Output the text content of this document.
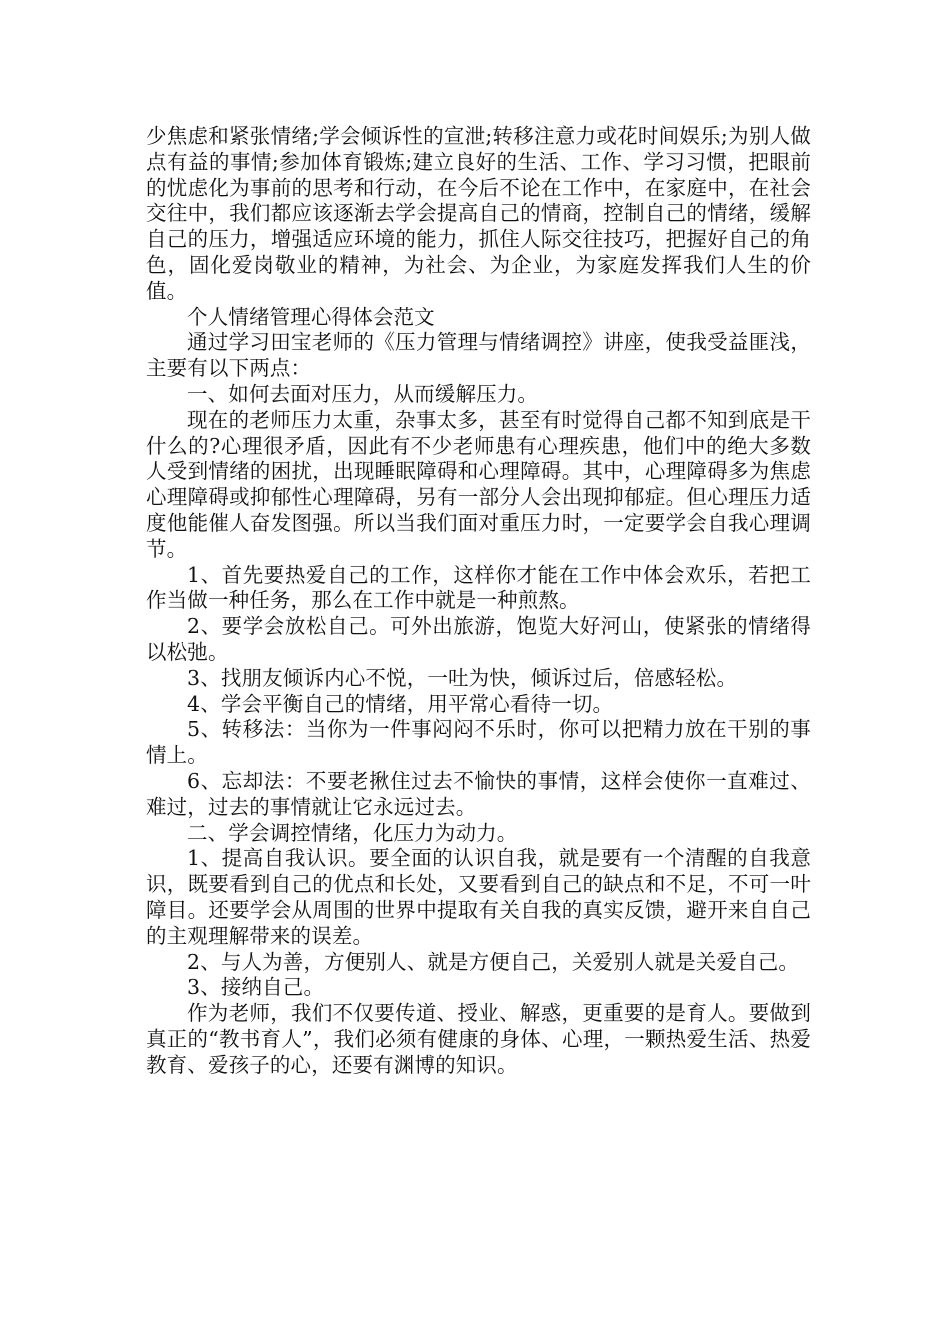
少焦虑和紧张情绪;学会倾诉性的宣泄;转移注意力或花时间娱乐;为别人做点有益的事情;参加体育锻炼;建立良好的生活、工作、学习习惯，把眼前的忧虑化为事前的思考和行动，在今后不论在工作中，在家庭中，在社会交往中，我们都应该逐渐去学会提高自己的情商，控制自己的情绪，缓解自己的压力，增强适应环境的能力，抓住人际交往技巧，把握好自己的角色，固化爱岗敬业的精神，为社会、为企业，为家庭发挥我们人生的价值。

个人情绪管理心得体会范文

通过学习田宝老师的《压力管理与情绪调控》讲座，使我受益匪浅，主要有以下两点：

一、如何去面对压力，从而缓解压力。

现在的老师压力太重，杂事太多，甚至有时觉得自己都不知到底是干什么的?心理很矛盾，因此有不少老师患有心理疾患，他们中的绝大多数人受到情绪的困扰，出现睡眠障碍和心理障碍。其中，心理障碍多为焦虑心理障碍或抑郁性心理障碍，另有一部分人会出现抑郁症。但心理压力适度他能催人奋发图强。所以当我们面对重压力时，一定要学会自我心理调节。

1、首先要热爱自己的工作，这样你才能在工作中体会欢乐，若把工作当做一种任务，那么在工作中就是一种煎熬。

2、要学会放松自己。可外出旅游，饱览大好河山，使紧张的情绪得以松弛。

3、找朋友倾诉内心不悦，一吐为快，倾诉过后，倍感轻松。

4、学会平衡自己的情绪，用平常心看待一切。

5、转移法：当你为一件事闷闷不乐时，你可以把精力放在干别的事情上。

6、忘却法：不要老揪住过去不愉快的事情，这样会使你一直难过、难过，过去的事情就让它永远过去。

二、学会调控情绪，化压力为动力。

1、提高自我认识。要全面的认识自我，就是要有一个清醒的自我意识，既要看到自己的优点和长处，又要看到自己的缺点和不足，不可一叶障目。还要学会从周围的世界中提取有关自我的真实反馈，避开来自自己的主观理解带来的误差。

2、与人为善，方便别人、就是方便自己，关爱别人就是关爱自己。

3、接纳自己。

作为老师，我们不仅要传道、授业、解惑，更重要的是育人。要做到真正的“教书育人”，我们必须有健康的身体、心理，一颗热爱生活、热爱教育、爱孩子的心，还要有渊博的知识。
